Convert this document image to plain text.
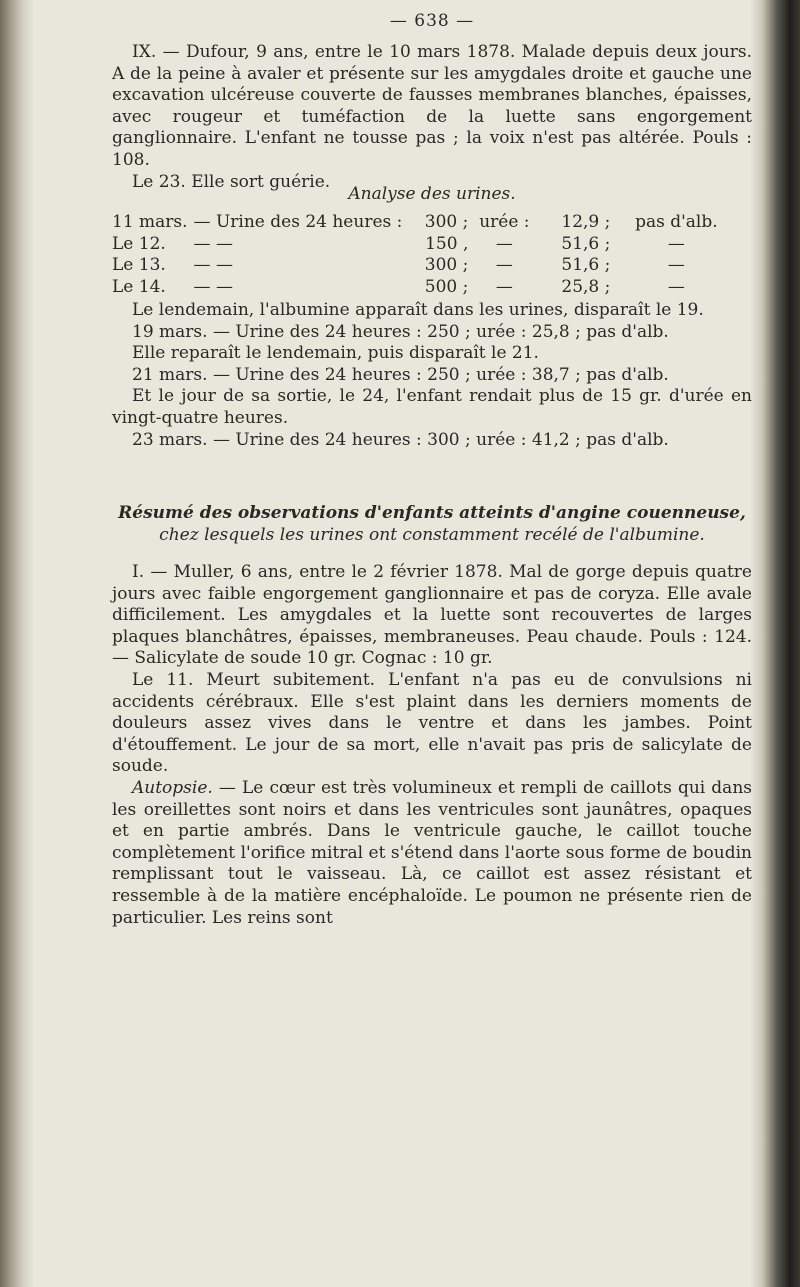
— 638 —

IX. — Dufour, 9 ans, entre le 10 mars 1878. Malade depuis deux jours. A de la peine à avaler et présente sur les amygdales droite et gauche une excavation ulcéreuse couverte de fausses membranes blanches, épaisses, avec rougeur et tuméfaction de la luette sans engorgement ganglionnaire. L'enfant ne tousse pas ; la voix n'est pas altérée. Pouls : 108.

Le 23. Elle sort guérie.

Analyse des urines.

11 mars.	— Urine des 24 heures :	300 ;	urée :	12,9 ;	pas d'alb.
Le 12.	— —	150 ,	—	51,6 ;	—
Le 13.	— —	300 ;	—	51,6 ;	—
Le 14.	— —	500 ;	—	25,8 ;	—

Le lendemain, l'albumine apparaît dans les urines, disparaît le 19.

19 mars. — Urine des 24 heures : 250 ; urée : 25,8 ; pas d'alb.

Elle reparaît le lendemain, puis disparaît le 21.

21 mars. — Urine des 24 heures : 250 ; urée : 38,7 ; pas d'alb.

Et le jour de sa sortie, le 24, l'enfant rendait plus de 15 gr. d'urée en vingt-quatre heures.

23 mars. — Urine des 24 heures : 300 ; urée : 41,2 ; pas d'alb.

Résumé des observations d'enfants atteints d'angine couenneuse, chez lesquels les urines ont constamment recélé de l'albumine.

I. — Muller, 6 ans, entre le 2 février 1878. Mal de gorge depuis quatre jours avec faible engorgement ganglionnaire et pas de coryza. Elle avale difficilement. Les amygdales et la luette sont recouvertes de larges plaques blanchâtres, épaisses, membraneuses. Peau chaude. Pouls : 124. — Salicylate de soude 10 gr. Cognac : 10 gr.

Le 11. Meurt subitement. L'enfant n'a pas eu de convulsions ni accidents cérébraux. Elle s'est plaint dans les derniers moments de douleurs assez vives dans le ventre et dans les jambes. Point d'étouffement. Le jour de sa mort, elle n'avait pas pris de salicylate de soude.

Autopsie. — Le cœur est très volumineux et rempli de caillots qui dans les oreillettes sont noirs et dans les ventricules sont jaunâtres, opaques et en partie ambrés. Dans le ventricule gauche, le caillot touche complètement l'orifice mitral et s'étend dans l'aorte sous forme de boudin remplissant tout le vaisseau. Là, ce caillot est assez résistant et ressemble à de la matière encéphaloïde. Le poumon ne présente rien de particulier. Les reins sont
